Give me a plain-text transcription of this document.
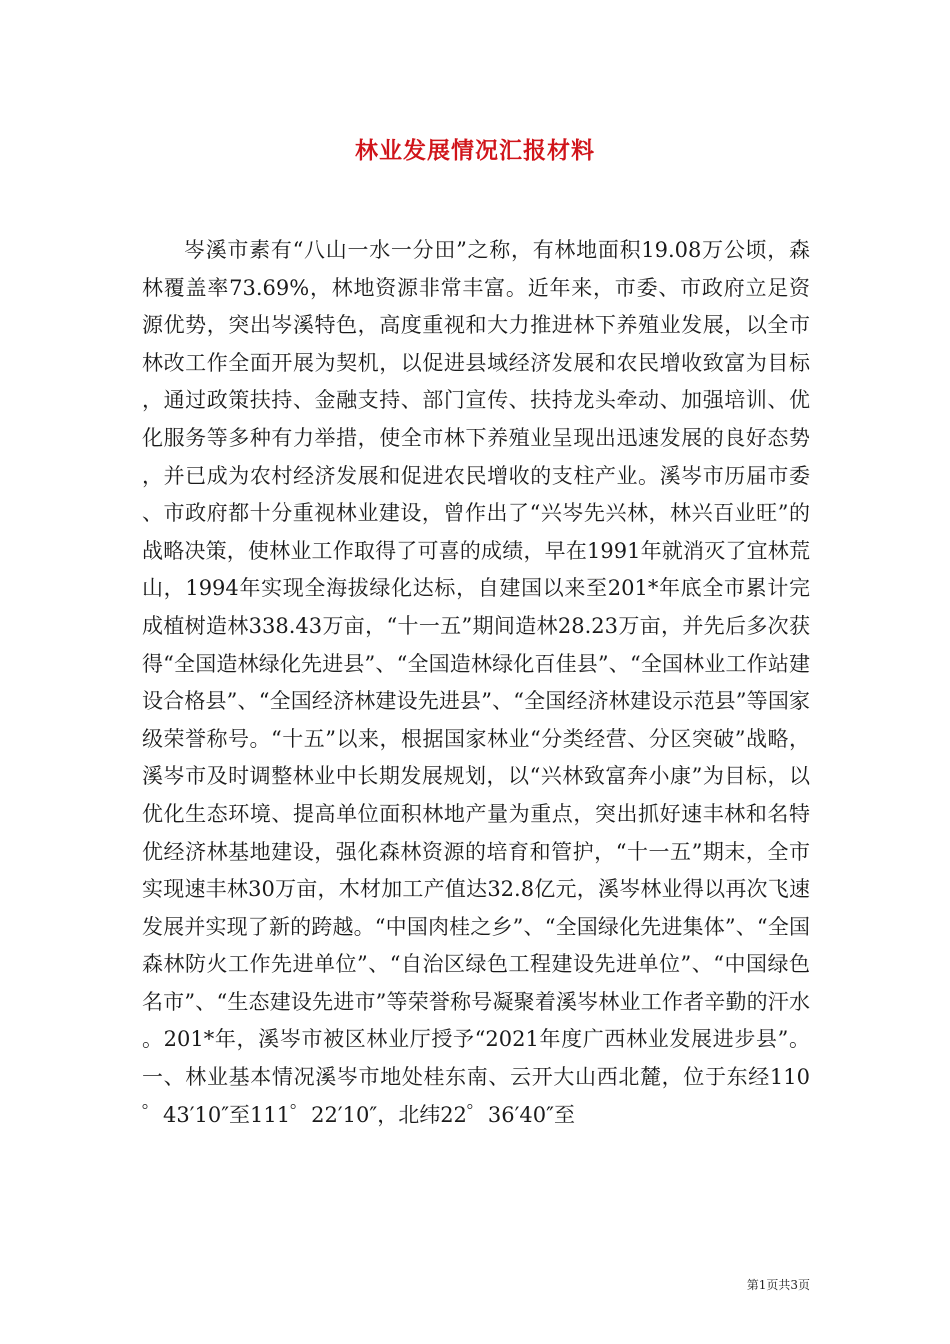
林业发展情况汇报材料

岑溪市素有“八山一水一分田”之称，有林地面积19.08万公顷，森林覆盖率73.69%，林地资源非常丰富。近年来，市委、市政府立足资源优势，突出岑溪特色，高度重视和大力推进林下养殖业发展，以全市林改工作全面开展为契机，以促进县域经济发展和农民增收致富为目标，通过政策扶持、金融支持、部门宣传、扶持龙头牵动、加强培训、优化服务等多种有力举措，使全市林下养殖业呈现出迅速发展的良好态势，并已成为农村经济发展和促进农民增收的支柱产业。溪岑市历届市委、市政府都十分重视林业建设，曾作出了“兴岑先兴林，林兴百业旺”的战略决策，使林业工作取得了可喜的成绩，早在1991年就消灭了宜林荒山，1994年实现全海拔绿化达标，自建国以来至201*年底全市累计完成植树造林338.43万亩，“十一五”期间造林28.23万亩，并先后多次获得“全国造林绿化先进县”、“全国造林绿化百佳县”、“全国林业工作站建设合格县”、“全国经济林建设先进县”、“全国经济林建设示范县”等国家级荣誉称号。“十五”以来，根据国家林业“分类经营、分区突破”战略，溪岑市及时调整林业中长期发展规划，以“兴林致富奔小康”为目标，以优化生态环境、提高单位面积林地产量为重点，突出抓好速丰林和名特优经济林基地建设，强化森林资源的培育和管护，“十一五”期末，全市实现速丰林30万亩，木材加工产值达32.8亿元，溪岑林业得以再次飞速发展并实现了新的跨越。“中国肉桂之乡”、“全国绿化先进集体”、“全国森林防火工作先进单位”、“自治区绿色工程建设先进单位”、“中国绿色名市”、“生态建设先进市”等荣誉称号凝聚着溪岑林业工作者辛勤的汗水。201*年，溪岑市被区林业厅授予“2021年度广西林业发展进步县”。一、林业基本情况溪岑市地处桂东南、云开大山西北麓，位于东经110゜43′10″至111゜22′10″，北纬22゜36′40″至

第1页共3页
